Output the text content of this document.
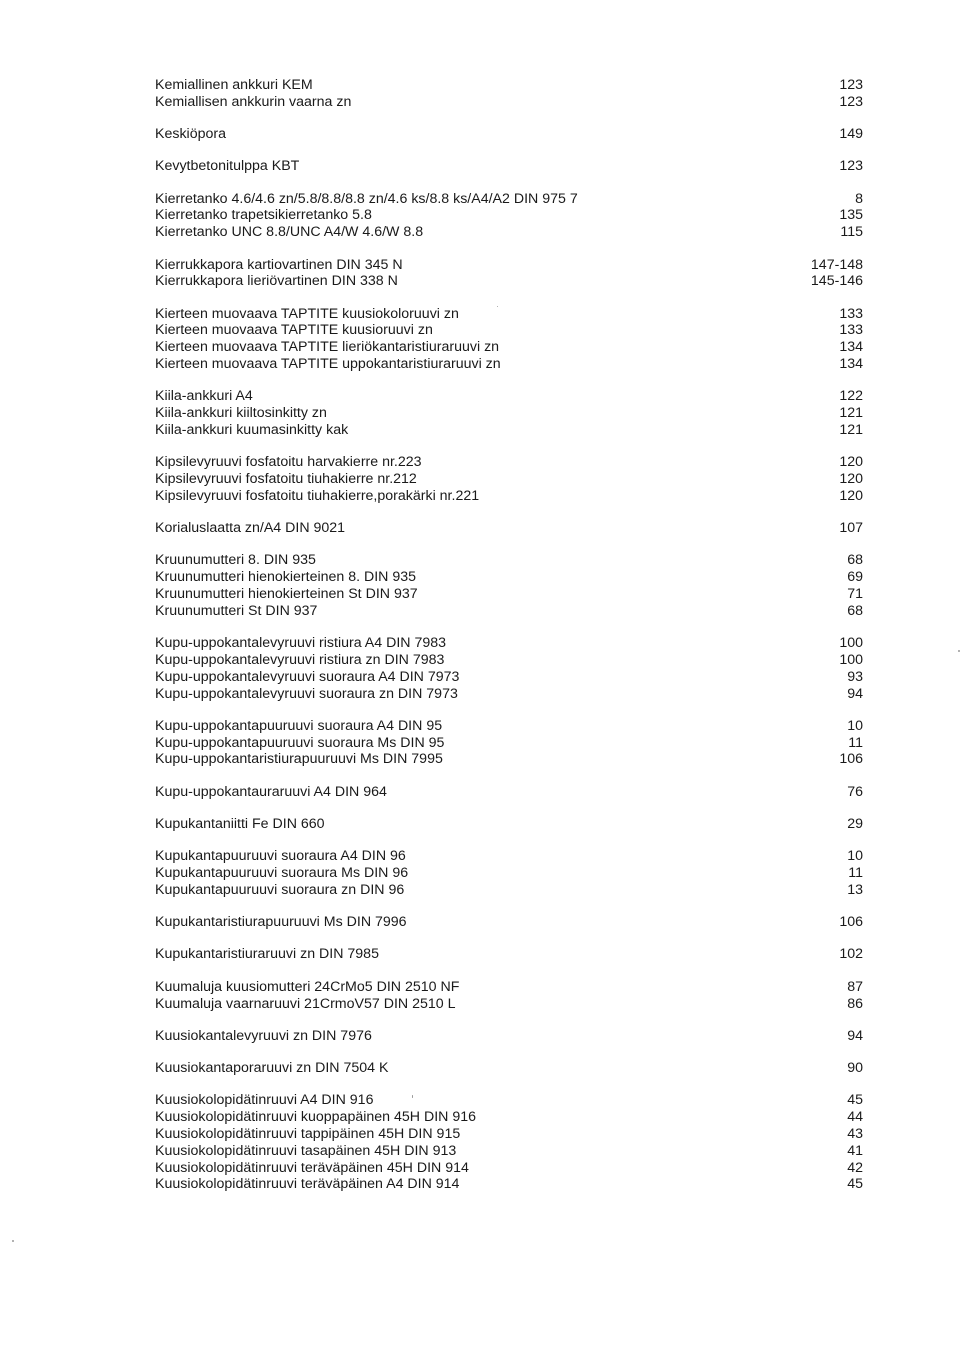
Kemiallinen ankkuri KEM	123
Kemiallisen ankkurin vaarna zn	123
Keskiöpora	149
Kevytbetonitulppa KBT	123
Kierretanko 4.6/4.6 zn/5.8/8.8/8.8 zn/4.6 ks/8.8 ks/A4/A2 DIN 975 7	8
Kierretanko trapetsikierretanko 5.8	135
Kierretanko UNC 8.8/UNC A4/W 4.6/W 8.8	115
Kierrukkapora kartiovartinen DIN 345 N	147-148
Kierrukkapora lieriövartinen DIN 338 N	145-146
Kierteen muovaava TAPTITE kuusiokoloruuvi zn	133
Kierteen muovaava TAPTITE kuusioruuvi zn	133
Kierteen muovaava TAPTITE lieriökantaristiuraruuvi zn	134
Kierteen muovaava TAPTITE uppokantaristiuraruuvi zn	134
Kiila-ankkuri A4	122
Kiila-ankkuri kiiltosinkitty zn	121
Kiila-ankkuri kuumasinkitty kak	121
Kipsilevyruuvi fosfatoitu harvakierre nr.223	120
Kipsilevyruuvi fosfatoitu tiuhakierre nr.212	120
Kipsilevyruuvi fosfatoitu tiuhakierre,porakärki nr.221	120
Korialuslaatta zn/A4 DIN 9021	107
Kruunumutteri 8. DIN 935	68
Kruunumutteri hienokierteinen 8. DIN 935	69
Kruunumutteri hienokierteinen St DIN 937	71
Kruunumutteri St DIN 937	68
Kupu-uppokantalevyruuvi ristiura A4 DIN 7983	100
Kupu-uppokantalevyruuvi ristiura zn DIN 7983	100
Kupu-uppokantalevyruuvi suoraura A4 DIN 7973	93
Kupu-uppokantalevyruuvi suoraura zn DIN 7973	94
Kupu-uppokantapuuruuvi suoraura A4 DIN 95	10
Kupu-uppokantapuuruuvi suoraura Ms DIN 95	11
Kupu-uppokantaristiurapuuruuvi Ms DIN 7995	106
Kupu-uppokantauraruuvi A4 DIN 964	76
Kupukantaniitti Fe DIN 660	29
Kupukantapuuruuvi suoraura A4 DIN 96	10
Kupukantapuuruuvi suoraura Ms DIN 96	11
Kupukantapuuruuvi suoraura zn DIN 96	13
Kupukantaristiurapuuruuvi Ms DIN 7996	106
Kupukantaristiuraruuvi zn DIN 7985	102
Kuumaluja kuusiomutteri 24CrMo5 DIN 2510 NF	87
Kuumaluja vaarnaruuvi 21CrmoV57 DIN 2510 L	86
Kuusiokantalevyruuvi zn DIN 7976	94
Kuusiokantaporaruuvi zn DIN 7504 K	90
Kuusiokolopidätinruuvi A4 DIN 916	45
Kuusiokolopidätinruuvi kuoppapäinen 45H DIN 916	44
Kuusiokolopidätinruuvi tappipäinen 45H DIN 915	43
Kuusiokolopidätinruuvi tasapäinen 45H DIN 913	41
Kuusiokolopidätinruuvi teräväpäinen 45H DIN 914	42
Kuusiokolopidätinruuvi teräväpäinen A4 DIN 914	45
